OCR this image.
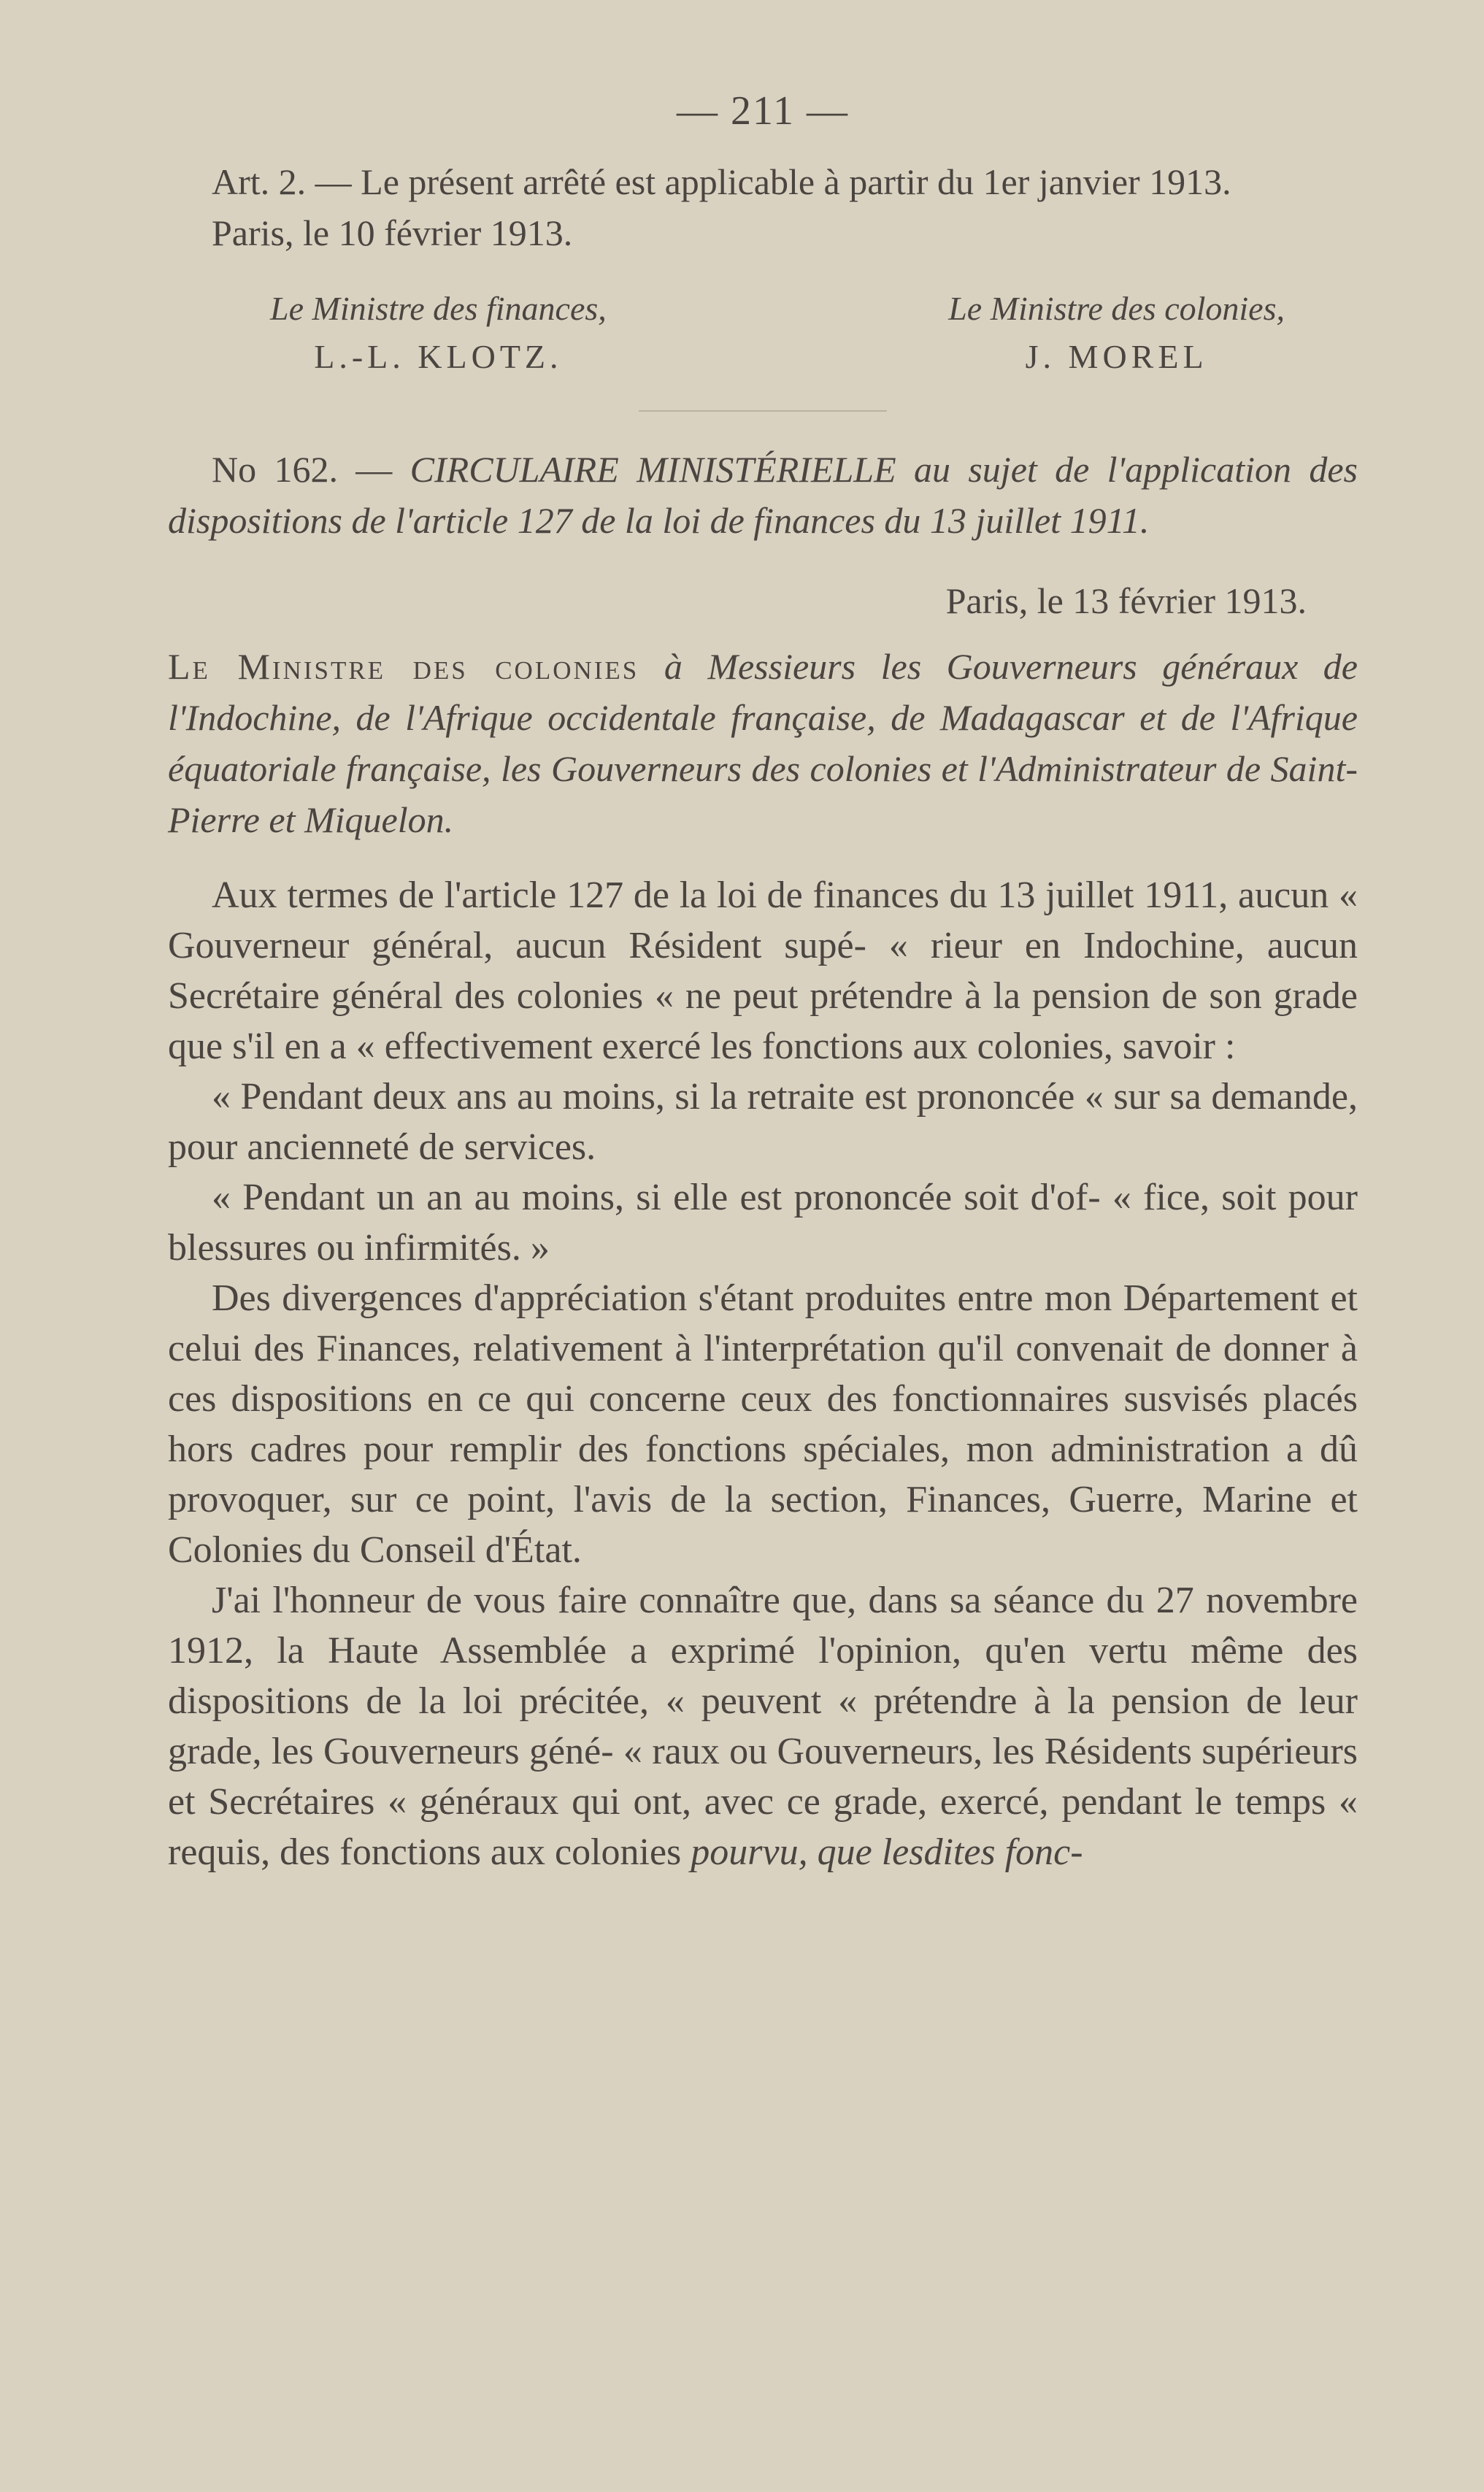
— 211 —

Art. 2. — Le présent arrêté est applicable à partir du 1er janvier 1913.

Paris, le 10 février 1913.

Le Ministre des finances,
L.-L. KLOTZ.
Le Ministre des colonies,
J. MOREL

No 162. — CIRCULAIRE MINISTÉRIELLE au sujet de l'application des dispositions de l'article 127 de la loi de finances du 13 juillet 1911.

Paris, le 13 février 1913.

Le Ministre des colonies à Messieurs les Gouverneurs généraux de l'Indochine, de l'Afrique occidentale française, de Madagascar et de l'Afrique équatoriale française, les Gouverneurs des colonies et l'Administrateur de Saint-Pierre et Miquelon.

Aux termes de l'article 127 de la loi de finances du 13 juillet 1911, aucun « Gouverneur général, aucun Résident supé- « rieur en Indochine, aucun Secrétaire général des colonies « ne peut prétendre à la pension de son grade que s'il en a « effectivement exercé les fonctions aux colonies, savoir :

« Pendant deux ans au moins, si la retraite est prononcée « sur sa demande, pour ancienneté de services.

« Pendant un an au moins, si elle est prononcée soit d'of- « fice, soit pour blessures ou infirmités. »

Des divergences d'appréciation s'étant produites entre mon Département et celui des Finances, relativement à l'interprétation qu'il convenait de donner à ces dispositions en ce qui concerne ceux des fonctionnaires susvisés placés hors cadres pour remplir des fonctions spéciales, mon administration a dû provoquer, sur ce point, l'avis de la section, Finances, Guerre, Marine et Colonies du Conseil d'État.

J'ai l'honneur de vous faire connaître que, dans sa séance du 27 novembre 1912, la Haute Assemblée a exprimé l'opinion, qu'en vertu même des dispositions de la loi précitée, « peuvent « prétendre à la pension de leur grade, les Gouverneurs géné- « raux ou Gouverneurs, les Résidents supérieurs et Secrétaires « généraux qui ont, avec ce grade, exercé, pendant le temps « requis, des fonctions aux colonies pourvu, que lesdites fonc-
